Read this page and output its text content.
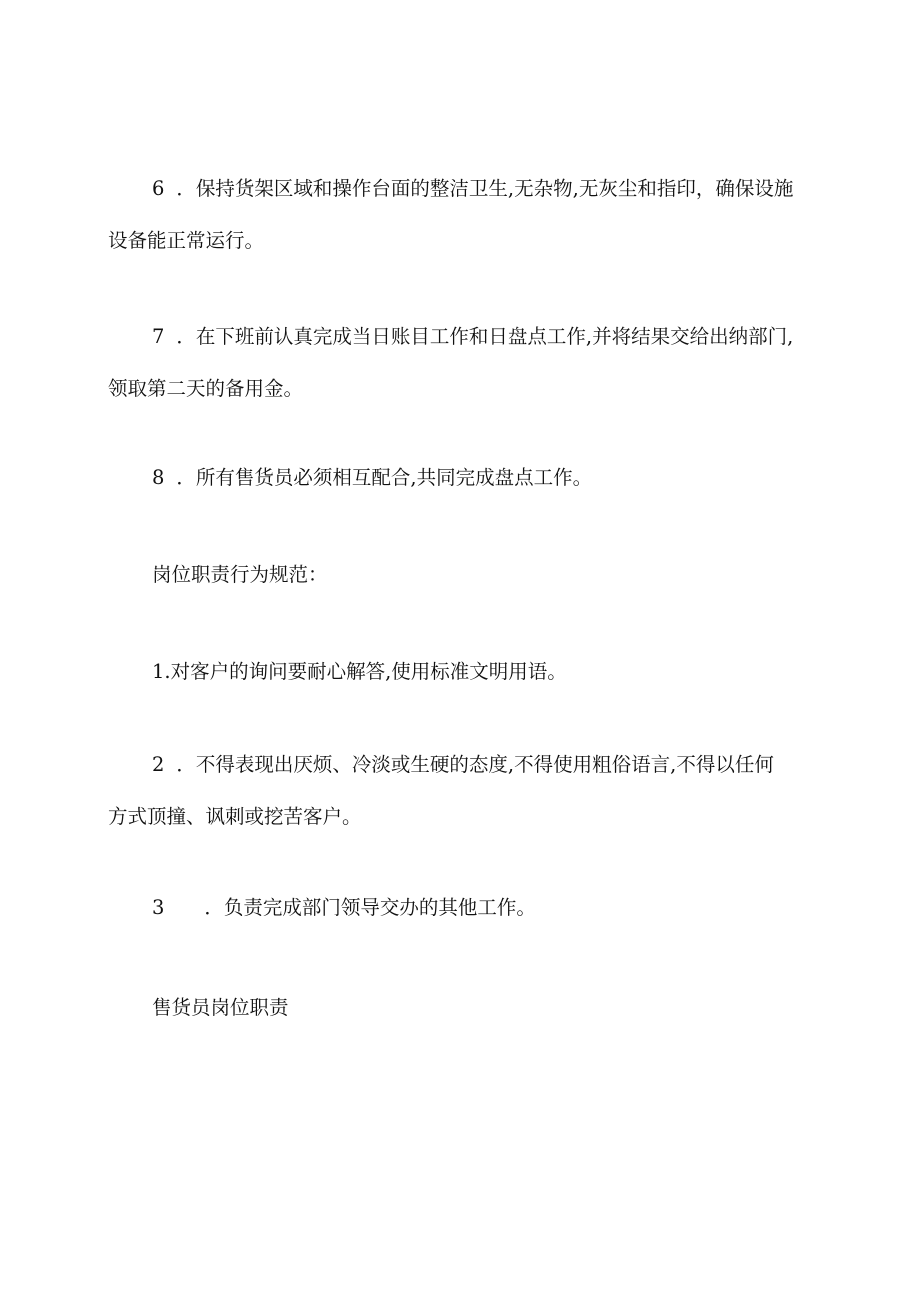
6 ．保持货架区域和操作台面的整洁卫生,无杂物,无灰尘和指印，确保设施
设备能正常运行。

7 ．在下班前认真完成当日账目工作和日盘点工作,并将结果交给出纳部门,
领取第二天的备用金。

8 ．所有售货员必须相互配合,共同完成盘点工作。

岗位职责行为规范：

1.对客户的询问要耐心解答,使用标准文明用语。

2 ．不得表现出厌烦、冷淡或生硬的态度,不得使用粗俗语言,不得以任何
方式顶撞、讽刺或挖苦客户。

3 ．负责完成部门领导交办的其他工作。

售货员岗位职责
